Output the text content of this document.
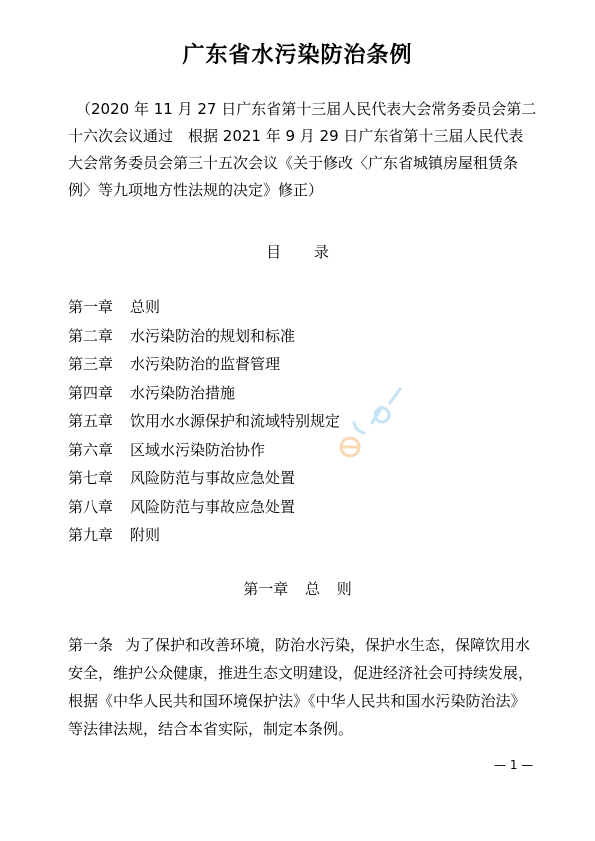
广东省水污染防治条例
（2020 年 11 月 27 日广东省第十三届人民代表大会常务委员会第二十六次会议通过　根据 2021 年 9 月 29 日广东省第十三届人民代表大会常务委员会第三十五次会议《关于修改〈广东省城镇房屋租赁条例〉等九项地方性法规的决定》修正）
目 录
第一章 总则
第二章 水污染防治的规划和标准
第三章 水污染防治的监督管理
第四章 水污染防治措施
第五章 饮用水水源保护和流域特别规定
第六章 区域水污染防治协作
第七章 风险防范与事故应急处置
第八章 风险防范与事故应急处置
第九章 附则
第一章 总 则
第一条 为了保护和改善环境，防治水污染，保护水生态，保障饮用水安全，维护公众健康，推进生态文明建设，促进经济社会可持续发展，根据《中华人民共和国环境保护法》《中华人民共和国水污染防治法》等法律法规，结合本省实际，制定本条例。
— 1 —
